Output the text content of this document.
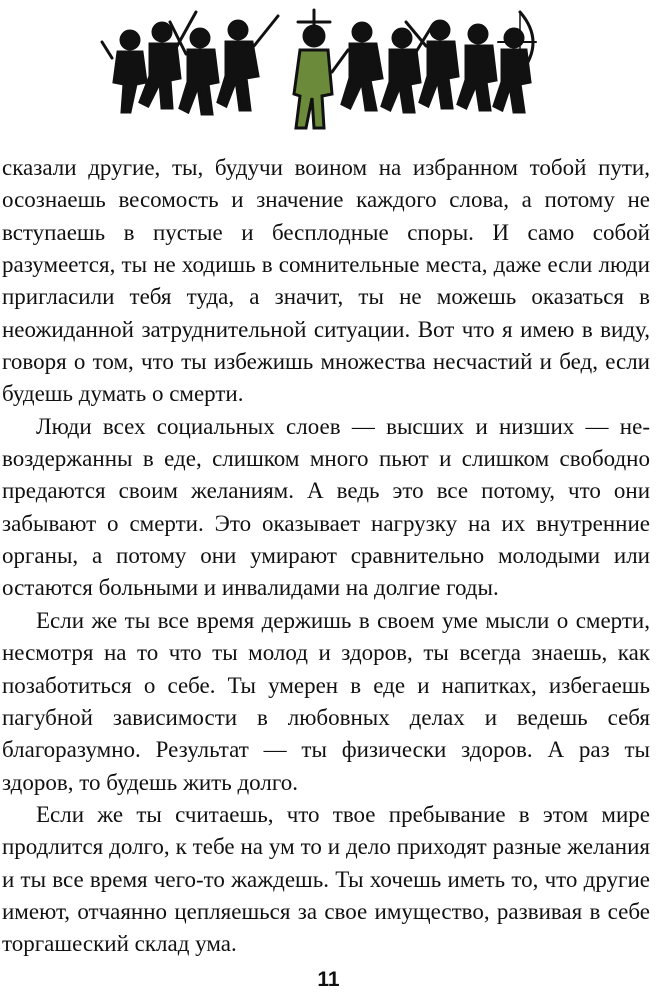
сказали другие, ты, будучи воином на избранном тобой пути, осознаешь весомость и значение каждого слова, а потому не вступаешь в пустые и бесплодные споры. И само собой разумеется, ты не ходишь в сомнительные места, даже если люди пригласили тебя туда, а значит, ты не можешь оказаться в неожиданной затруднительной ситуации. Вот что я имею в виду, говоря о том, что ты избежишь множества несчастий и бед, если будешь думать о смерти.

Люди всех социальных слоев — высших и низших — невоздержанны в еде, слишком много пьют и слишком свободно предаются своим желаниям. А ведь это все потому, что они забывают о смерти. Это оказывает нагрузку на их внутренние органы, а потому они умирают сравнительно молодыми или остаются больными и инвалидами на долгие годы.

Если же ты все время держишь в своем уме мысли о смерти, несмотря на то что ты молод и здоров, ты всегда знаешь, как позаботиться о себе. Ты умерен в еде и напитках, избегаешь пагубной зависимости в любовных делах и ведешь себя благоразумно. Результат — ты физически здоров. А раз ты здоров, то будешь жить долго.

Если же ты считаешь, что твое пребывание в этом мире продлится долго, к тебе на ум то и дело приходят разные желания и ты все время чего-то жаждешь. Ты хочешь иметь то, что другие имеют, отчаянно цепляешься за свое имущество, развивая в себе торгашеский склад ума.

11
